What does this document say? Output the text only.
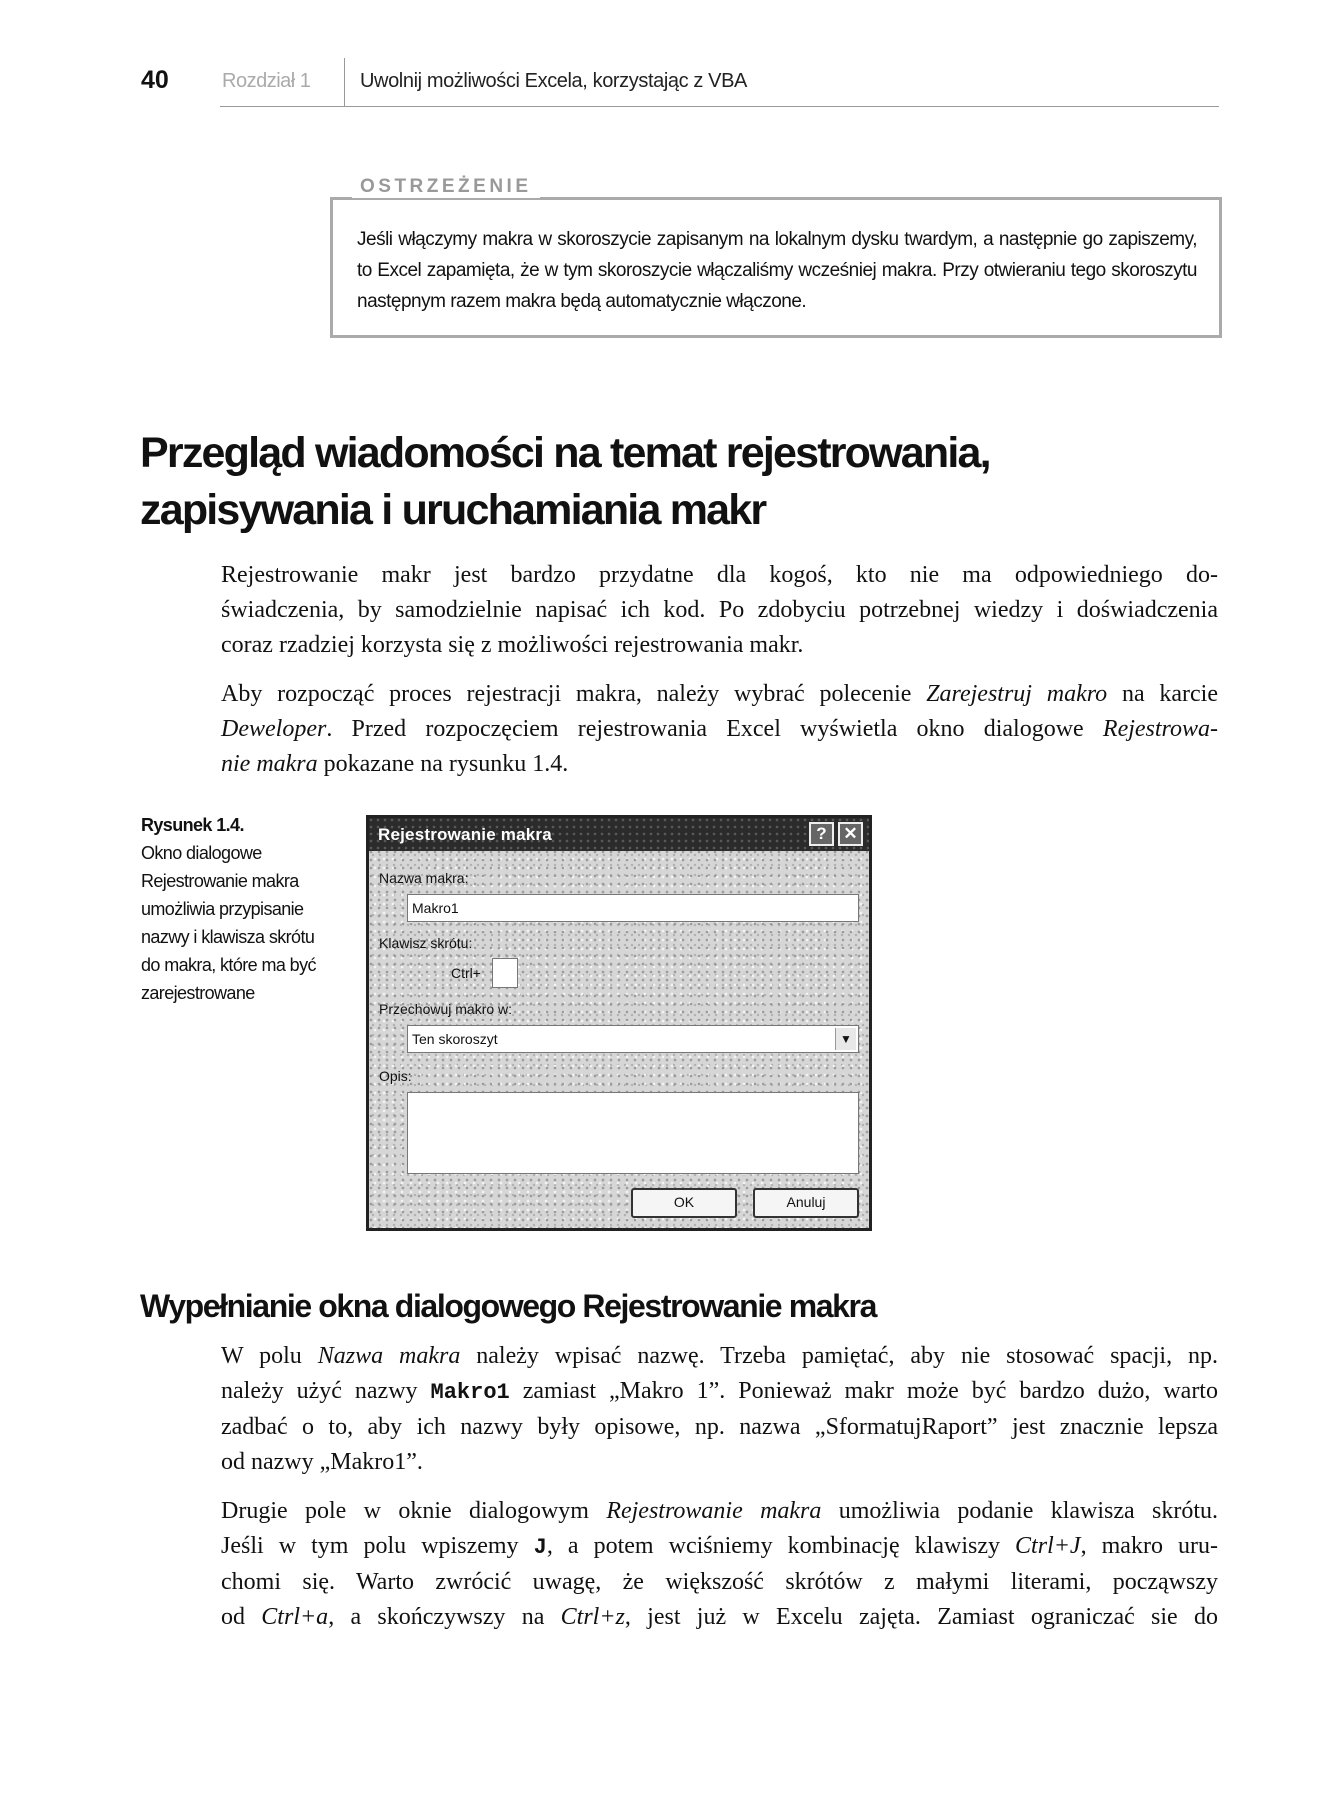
40	Rozdział 1 Uwolnij możliwości Excela, korzystając z VBA
OSTRZEŻENIE
Jeśli włączymy makra w skoroszycie zapisanym na lokalnym dysku twardym, a następnie go zapiszemy, to Excel zapamięta, że w tym skoroszycie włączaliśmy wcześniej makra. Przy otwieraniu tego skoroszytu następnym razem makra będą automatycznie włączone.
Przegląd wiadomości na temat rejestrowania,
zapisywania i uruchamiania makr
Rejestrowanie makr jest bardzo przydatne dla kogoś, kto nie ma odpowiedniego do-
świadczenia, by samodzielnie napisać ich kod. Po zdobyciu potrzebnej wiedzy i doświadczenia
coraz rzadziej korzysta się z możliwości rejestrowania makr.
Aby rozpocząć proces rejestracji makra, należy wybrać polecenie Zarejestruj makro na karcie
Deweloper. Przed rozpoczęciem rejestrowania Excel wyświetla okno dialogowe Rejestrowa-
nie makra pokazane na rysunku 1.4.
Rysunek 1.4.
Okno dialogowe
Rejestrowanie makra
umożliwia przypisanie
nazwy i klawisza skrótu
do makra, które ma być
zarejestrowane
Rejestrowanie makra	? ✕
Nazwa makra:
Makro1
Klawisz skrótu:
Ctrl+
Przechowuj makro w:
Ten skoroszyt	▼
Opis:
OK	Anuluj
Wypełnianie okna dialogowego Rejestrowanie makra
W polu Nazwa makra należy wpisać nazwę. Trzeba pamiętać, aby nie stosować spacji, np.
należy użyć nazwy Makro1 zamiast „Makro 1”. Ponieważ makr może być bardzo dużo, warto
zadbać o to, aby ich nazwy były opisowe, np. nazwa „SformatujRaport” jest znacznie lepsza
od nazwy „Makro1”.
Drugie pole w oknie dialogowym Rejestrowanie makra umożliwia podanie klawisza skrótu.
Jeśli w tym polu wpiszemy J, a potem wciśniemy kombinację klawiszy Ctrl+J, makro uru-
chomi się. Warto zwrócić uwagę, że większość skrótów z małymi literami, począwszy
od Ctrl+a, a skończywszy na Ctrl+z, jest już w Excelu zajęta. Zamiast ograniczać sie do
